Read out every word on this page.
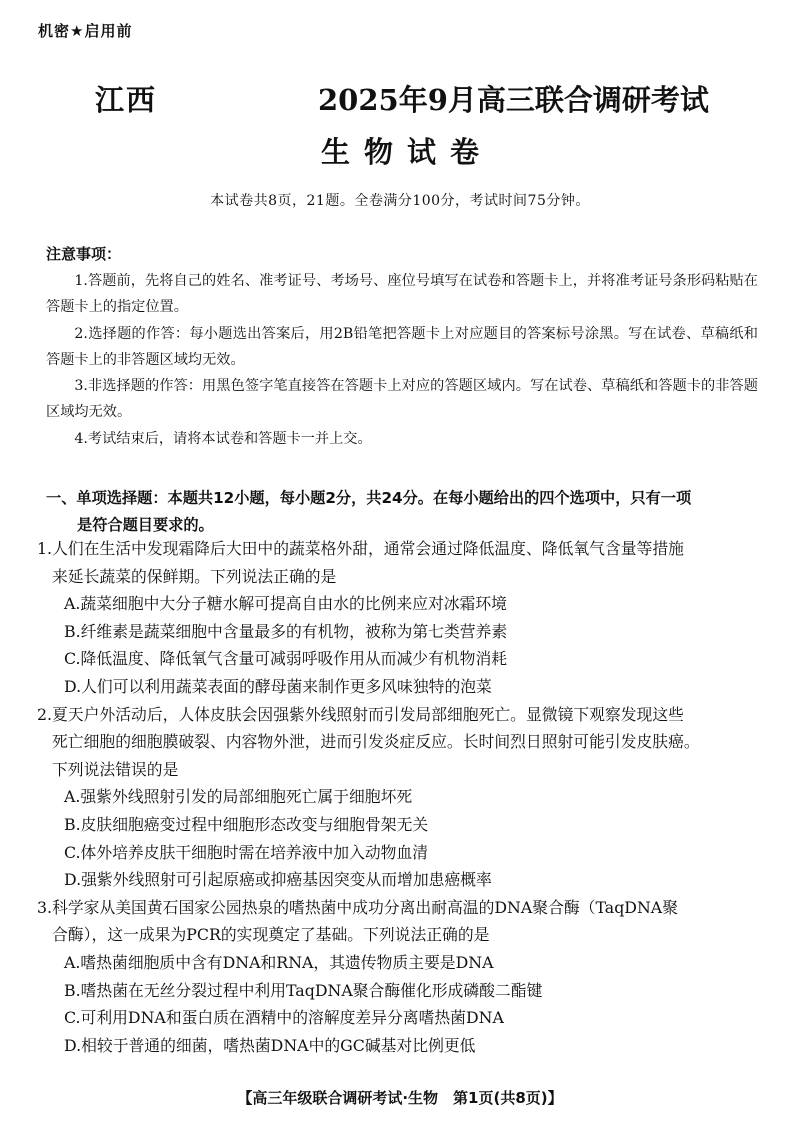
机密★启用前
江西	2025年9月高三联合调研考试
生物试卷
本试卷共8页，21题。全卷满分100分，考试时间75分钟。
注意事项：

1.答题前，先将自己的姓名、准考证号、考场号、座位号填写在试卷和答题卡上，并将准考证号条形码粘贴在答题卡上的指定位置。

2.选择题的作答：每小题选出答案后，用2B铅笔把答题卡上对应题目的答案标号涂黑。写在试卷、草稿纸和答题卡上的非答题区域均无效。

3.非选择题的作答：用黑色签字笔直接答在答题卡上对应的答题区域内。写在试卷、草稿纸和答题卡的非答题区域均无效。

4.考试结束后，请将本试卷和答题卡一并上交。

一、单项选择题：本题共12小题，每小题2分，共24分。在每小题给出的四个选项中，只有一项
是符合题目要求的。
1.人们在生活中发现霜降后大田中的蔬菜格外甜，通常会通过降低温度、降低氧气含量等措施
来延长蔬菜的保鲜期。下列说法正确的是
A.蔬菜细胞中大分子糖水解可提高自由水的比例来应对冰霜环境
B.纤维素是蔬菜细胞中含量最多的有机物，被称为第七类营养素
C.降低温度、降低氧气含量可减弱呼吸作用从而减少有机物消耗
D.人们可以利用蔬菜表面的酵母菌来制作更多风味独特的泡菜
2.夏天户外活动后，人体皮肤会因强紫外线照射而引发局部细胞死亡。显微镜下观察发现这些
死亡细胞的细胞膜破裂、内容物外泄，进而引发炎症反应。长时间烈日照射可能引发皮肤癌。
下列说法错误的是
A.强紫外线照射引发的局部细胞死亡属于细胞坏死
B.皮肤细胞癌变过程中细胞形态改变与细胞骨架无关
C.体外培养皮肤干细胞时需在培养液中加入动物血清
D.强紫外线照射可引起原癌或抑癌基因突变从而增加患癌概率
3.科学家从美国黄石国家公园热泉的嗜热菌中成功分离出耐高温的DNA聚合酶（TaqDNA聚
合酶），这一成果为PCR的实现奠定了基础。下列说法正确的是
A.嗜热菌细胞质中含有DNA和RNA，其遗传物质主要是DNA
B.嗜热菌在无丝分裂过程中利用TaqDNA聚合酶催化形成磷酸二酯键
C.可利用DNA和蛋白质在酒精中的溶解度差异分离嗜热菌DNA
D.相较于普通的细菌，嗜热菌DNA中的GC碱基对比例更低
【高三年级联合调研考试·生物　第1页(共8页)】
